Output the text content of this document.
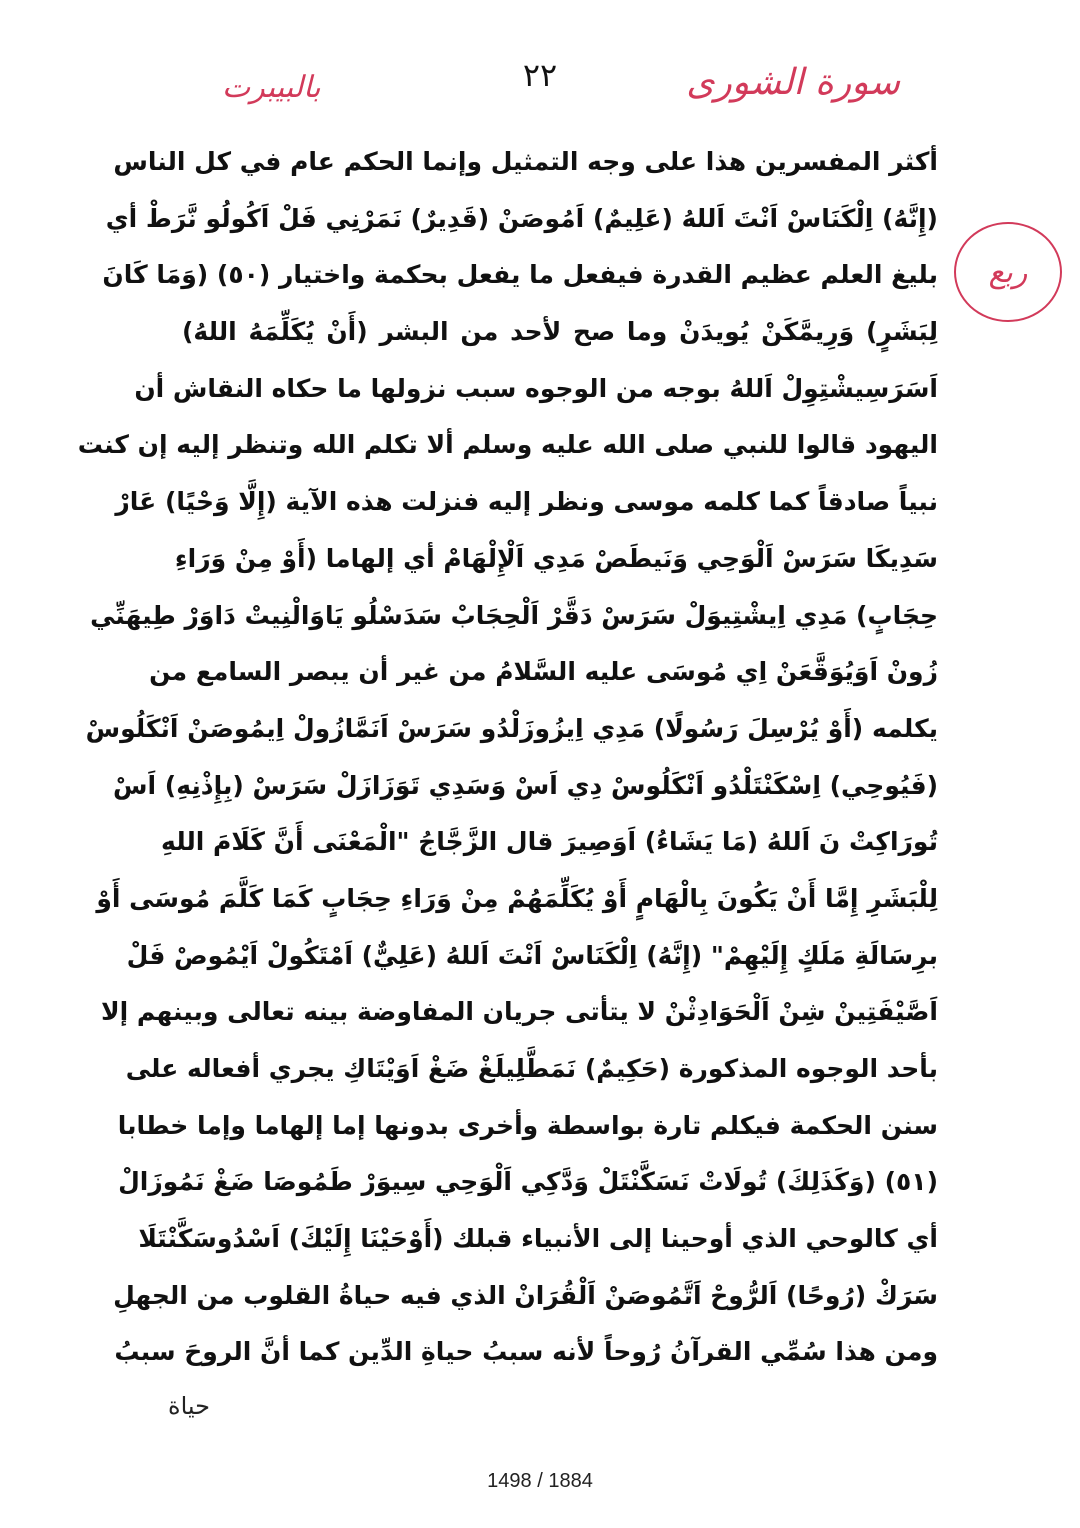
سورة الشورى
٢٢
بالبيبرت
ربع
أكثر المفسرين هذا على وجه التمثيل وإنما الحكم عام في كل الناس
(إِنَّهُ) اِلْكَنَاسْ اَنْتَ اَللهُ (عَلِيمٌ) اَمُوصَنْ (قَدِيرٌ) نَمَرْنِي فَلْ اَكُولُو نَّرَطْ أي
بليغ العلم عظيم القدرة فيفعل ما يفعل بحكمة واختيار (٥٠) (وَمَا كَانَ
لِبَشَرٍ) وَرِيمَّكَنْ يُويدَنْ وما صح لأحد من البشر (أَنْ يُكَلِّمَهُ اللهُ)
اَسَرَسِيشْتِوِلْ اَللهُ بوجه من الوجوه سبب نزولها ما حكاه النقاش أن
اليهود قالوا للنبي صلى الله عليه وسلم ألا تكلم الله وتنظر إليه إن كنت
نبياً صادقاً كما كلمه موسى ونظر إليه فنزلت هذه الآية (إِلَّا وَحْيًا) عَارْ
سَدِيكَا سَرَسْ اَلْوَحِي وَنَيطَصْ مَدِي اَلْإِلْهَامْ أي إلهاما (أَوْ مِنْ وَرَاءِ
حِجَابٍ) مَدِي اِيشْتِيوَلْ سَرَسْ دَقَّرْ اَلْحِجَابْ سَدَسْلُو يَاوَالْنِيتْ دَاوَرْ طِيهَنِّي
زُونْ اَوَيُوَقَّعَنْ اِي مُوسَى عليه السَّلامُ من غير أن يبصر السامع من
يكلمه (أَوْ يُرْسِلَ رَسُولًا) مَدِي اِيزُوزَلْدُو سَرَسْ اَنَمَّازُولْ اِيمُوصَنْ اَنْكَلُوسْ
(فَيُوحِي) اِسْكَنْتَلْدُو اَنْكَلُوسْ دِي اَسْ وَسَدِي تَوَزَازَلْ سَرَسْ (بِإِذْنِهِ) اَسْ
تُورَاكِتْ نَ اَللهُ (مَا يَشَاءُ) اَوَصِيرَ قال الزَّجَّاجُ "الْمَعْنَى أَنَّ كَلَامَ اللهِ
لِلْبَشَرِ إِمَّا أَنْ يَكُونَ بِالْهَامٍ أَوْ يُكَلِّمَهُمْ مِنْ وَرَاءِ حِجَابٍ كَمَا كَلَّمَ مُوسَى أَوْ
برِسَالَةِ مَلَكٍ إِلَيْهِمْ" (إِنَّهُ) اِلْكَنَاسْ اَنْتَ اَللهُ (عَلِيٌّ) اَمْتَكُولْ اَيْمُوصْ فَلْ
اَصَّيْفَتِينْ شِنْ اَلْحَوَادِثْنْ لا يتأتى جريان المفاوضة بينه تعالى وبينهم إلا
بأحد الوجوه المذكورة (حَكِيمٌ) نَمَطَّلِيلَغْ ضَغْ اَوَيْتَاكِ يجري أفعاله على
سنن الحكمة فيكلم تارة بواسطة وأخرى بدونها إما إلهاما وإما خطابا
(٥١) (وَكَذَلِكَ) تُولَاتْ نَسَكَّنْتَلْ وَدَّكِي اَلْوَحِي سِيوَرْ طَمُوصَا ضَغْ نَمُوزَالْ
أي كالوحي الذي أوحينا إلى الأنبياء قبلك (أَوْحَيْنَا إِلَيْكَ) اَسْدُوسَكَّنْتَلَا
سَرَكْ (رُوحًا) اَلرُّوحْ اَتَّمُوصَنْ اَلْقُرَانْ الذي فيه حياةُ القلوب من الجهلِ
ومن هذا سُمِّي القرآنُ رُوحاً لأنه سببُ حياةِ الدِّين كما أنَّ الروحَ سببُ
حياة
1498 / 1884
